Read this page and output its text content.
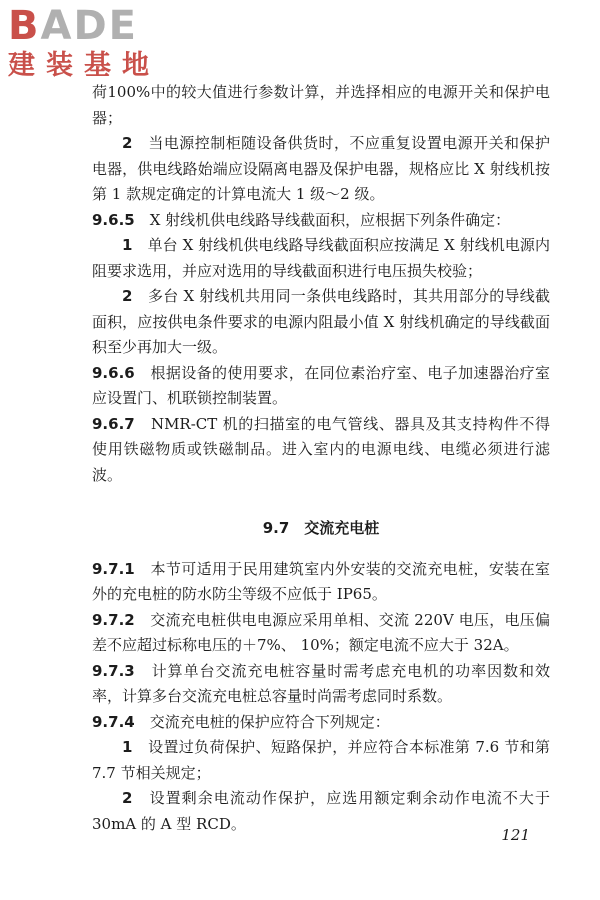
BADE
建装基地

荷100%中的较大值进行参数计算，并选择相应的电源开关和保护电器；

2　 当电源控制柜随设备供货时，不应重复设置电源开关和保护电器，供电线路始端应设隔离电器及保护电器，规格应比 X 射线机按第 1 款规定确定的计算电流大 1 级～2 级。

9.6.5　 X 射线机供电线路导线截面积，应根据下列条件确定：

1　 单台 X 射线机供电线路导线截面积应按满足 X 射线机电源内阻要求选用，并应对选用的导线截面积进行电压损失校验；

2　 多台 X 射线机共用同一条供电线路时，其共用部分的导线截面积，应按供电条件要求的电源内阻最小值 X 射线机确定的导线截面积至少再加大一级。

9.6.6　 根据设备的使用要求，在同位素治疗室、电子加速器治疗室应设置门、机联锁控制装置。

9.6.7　 NMR-CT 机的扫描室的电气管线、器具及其支持构件不得使用铁磁物质或铁磁制品。进入室内的电源电线、电缆必须进行滤波。

9.7　 交流充电桩

9.7.1　 本节可适用于民用建筑室内外安装的交流充电桩，安装在室外的充电桩的防水防尘等级不应低于 IP65。

9.7.2　 交流充电桩供电电源应采用单相、交流 220V 电压，电压偏差不应超过标称电压的＋7%、 10%；额定电流不应大于 32A。

9.7.3　 计算单台交流充电桩容量时需考虑充电机的功率因数和效率，计算多台交流充电桩总容量时尚需考虑同时系数。

9.7.4　 交流充电桩的保护应符合下列规定：

1　 设置过负荷保护、短路保护，并应符合本标准第 7.6 节和第 7.7 节相关规定；

2　 设置剩余电流动作保护，应选用额定剩余动作电流不大于 30mA 的 A 型 RCD。

121
